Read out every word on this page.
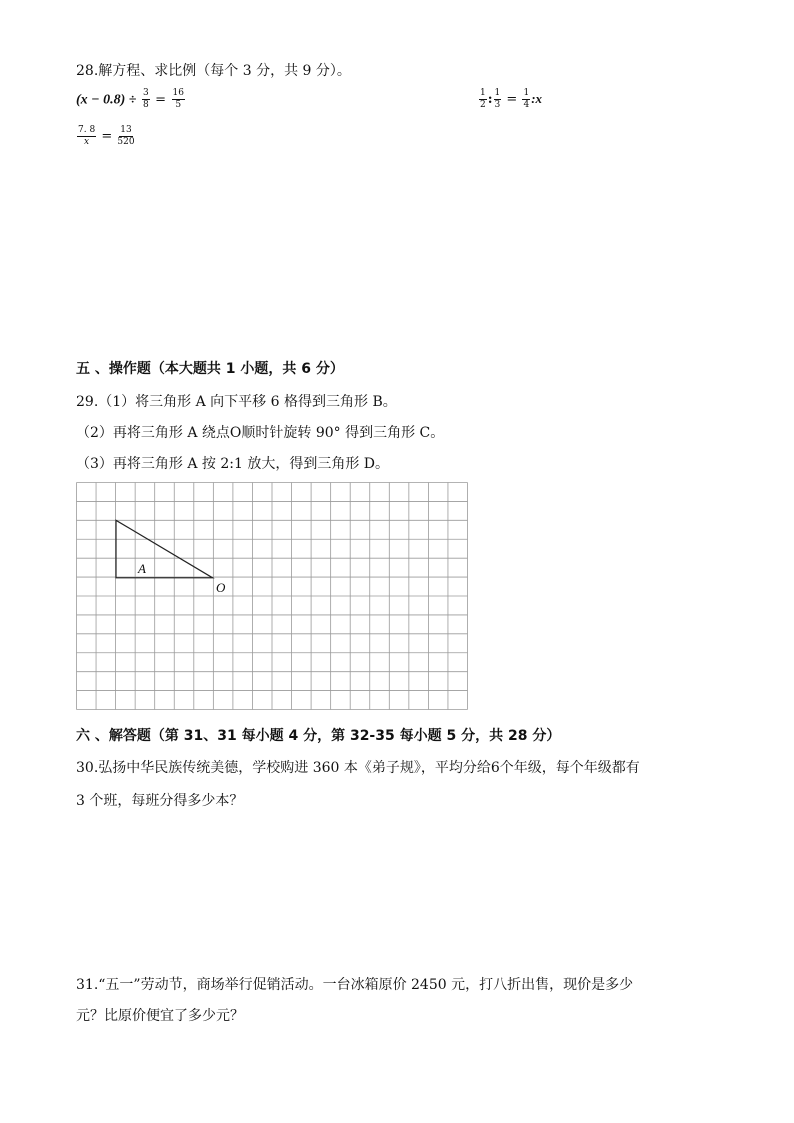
28.解方程、求比例（每个 3 分，共 9 分）。
$(x - 0.8) \div \frac{3}{8} = \frac{16}{5}$	$\frac{1}{2}$ : $\frac{1}{3} = \frac{1}{4}$ :x
$\frac{7. 8}{x} = \frac{13}{520}$
五 、操作题（本大题共 1 小题，共 6 分）
29.（1）将三角形 A 向下平移 6 格得到三角形 B。
（2）再将三角形 A 绕点O顺时针旋转 90° 得到三角形 C。
（3）再将三角形 A 按 2:1 放大，得到三角形 D。
A
O
六 、解答题（第 31、31 每小题 4 分，第 32-35 每小题 5 分，共 28 分）
30.弘扬中华民族传统美德，学校购进 360 本《弟子规》，平均分给6个年级，每个年级都有
3 个班，每班分得多少本？
31.“五一”劳动节，商场举行促销活动。一台冰箱原价 2450 元，打八折出售，现价是多少
元？比原价便宜了多少元？
